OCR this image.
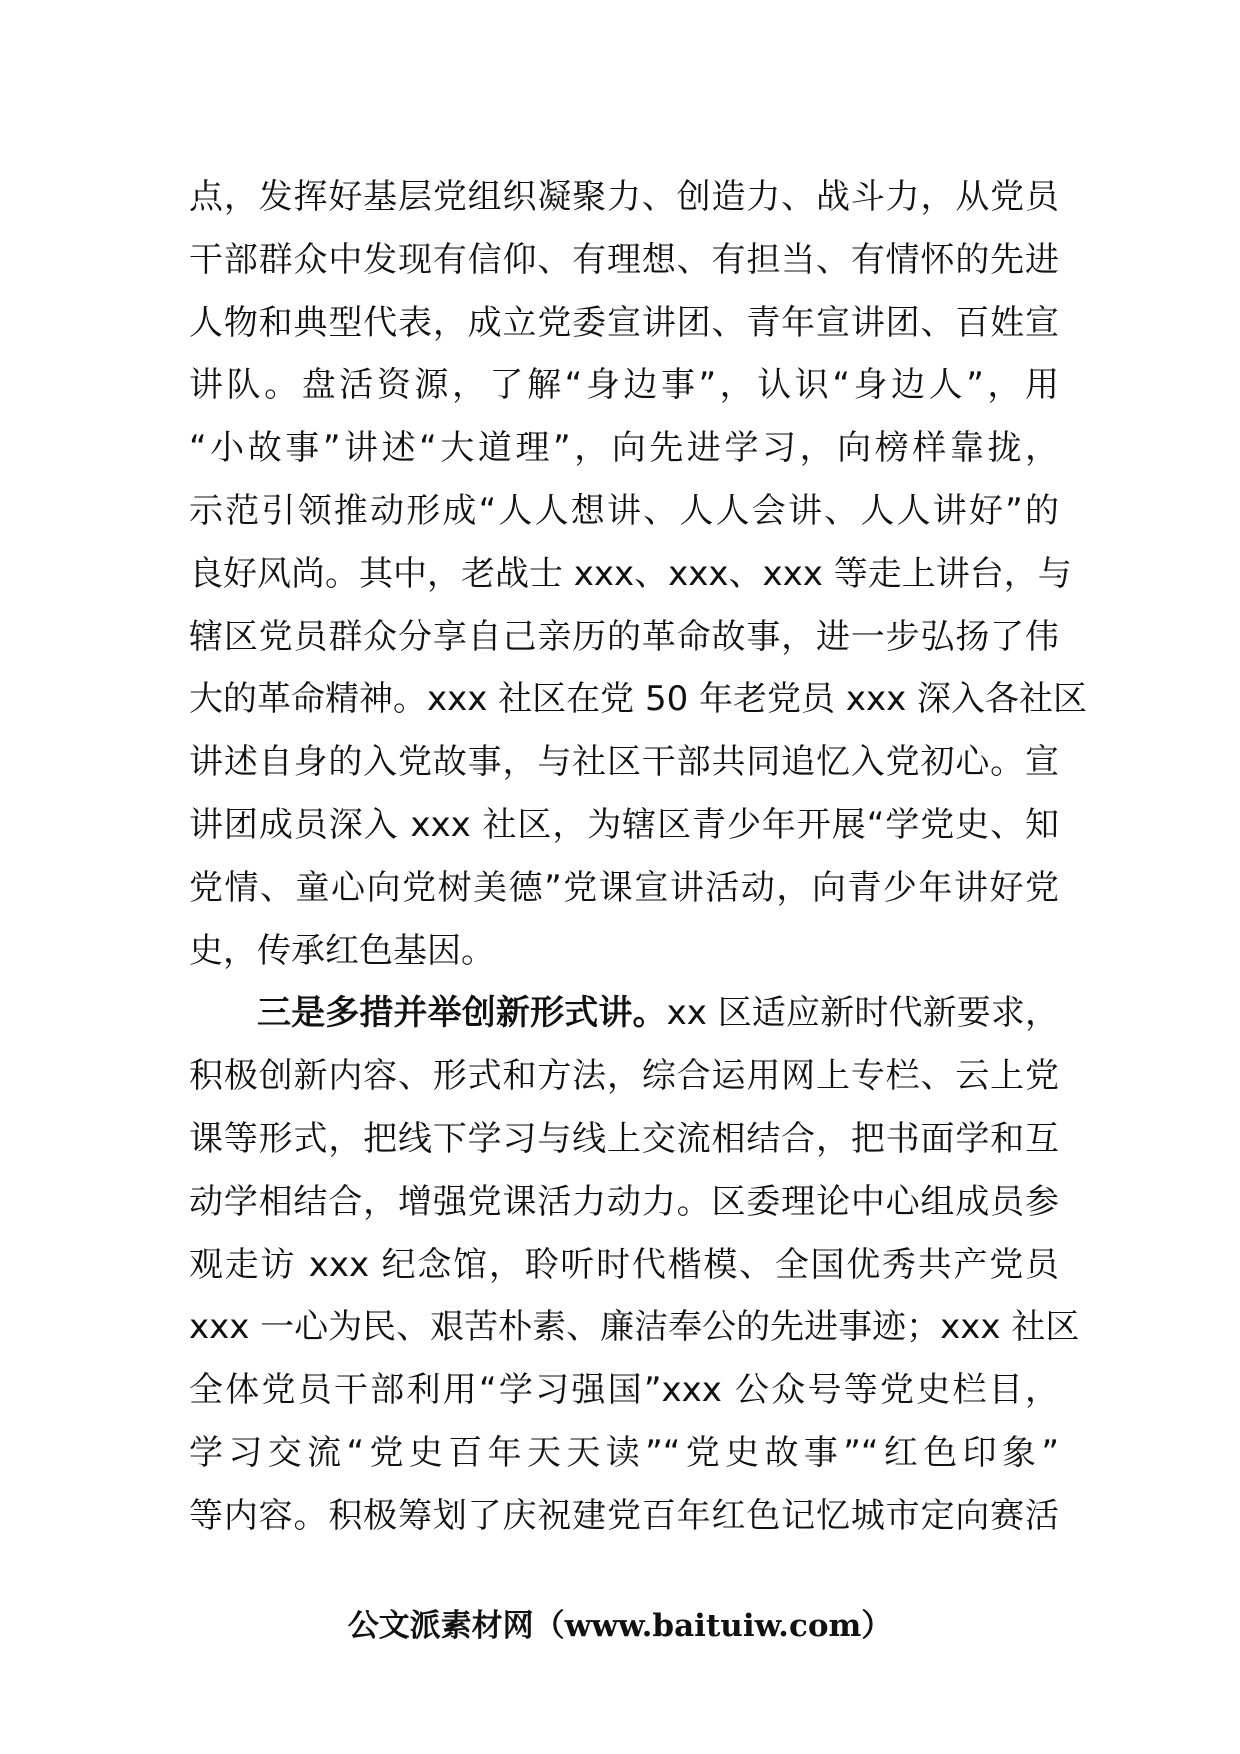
点，发挥好基层党组织凝聚力、创造力、战斗力，从党员
干部群众中发现有信仰、有理想、有担当、有情怀的先进
人物和典型代表，成立党委宣讲团、青年宣讲团、百姓宣
讲队。盘活资源，了解“身边事”，认识“身边人”，用
“小故事”讲述“大道理”，向先进学习，向榜样靠拢，
示范引领推动形成“人人想讲、人人会讲、人人讲好”的
良好风尚。其中，老战士 xxx、xxx、xxx 等走上讲台，与
辖区党员群众分享自己亲历的革命故事，进一步弘扬了伟
大的革命精神。xxx 社区在党 50 年老党员 xxx 深入各社区
讲述自身的入党故事，与社区干部共同追忆入党初心。宣
讲团成员深入 xxx 社区，为辖区青少年开展“学党史、知
党情、童心向党树美德”党课宣讲活动，向青少年讲好党
史，传承红色基因。
三是多措并举创新形式讲。xx 区适应新时代新要求，
积极创新内容、形式和方法，综合运用网上专栏、云上党
课等形式，把线下学习与线上交流相结合，把书面学和互
动学相结合，增强党课活力动力。区委理论中心组成员参
观走访 xxx 纪念馆，聆听时代楷模、全国优秀共产党员
xxx 一心为民、艰苦朴素、廉洁奉公的先进事迹；xxx 社区
全体党员干部利用“学习强国”xxx 公众号等党史栏目，
学习交流“党史百年天天读”“党史故事”“红色印象”
等内容。积极筹划了庆祝建党百年红色记忆城市定向赛活
公文派素材网（www.baituiw.com）
